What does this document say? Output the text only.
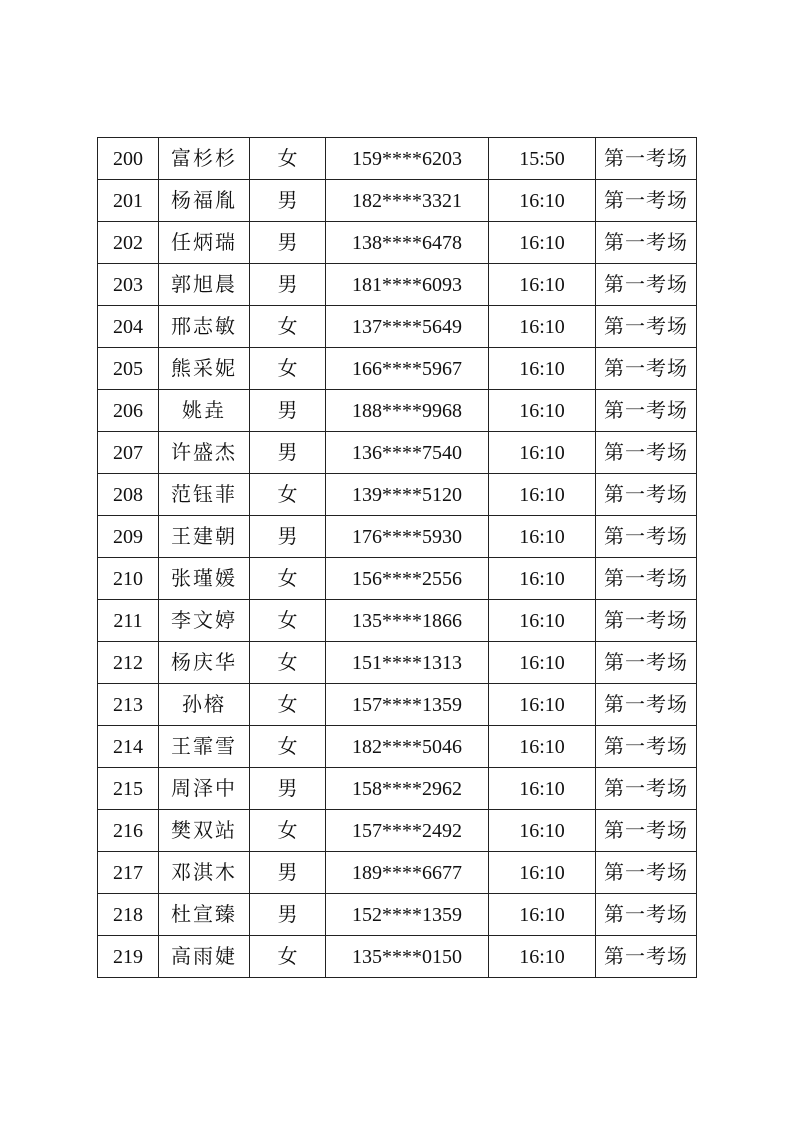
200	富杉杉	女	159****6203	15:50	第一考场
201	杨福胤	男	182****3321	16:10	第一考场
202	任炳瑞	男	138****6478	16:10	第一考场
203	郭旭晨	男	181****6093	16:10	第一考场
204	邢志敏	女	137****5649	16:10	第一考场
205	熊采妮	女	166****5967	16:10	第一考场
206	姚垚	男	188****9968	16:10	第一考场
207	许盛杰	男	136****7540	16:10	第一考场
208	范钰菲	女	139****5120	16:10	第一考场
209	王建朝	男	176****5930	16:10	第一考场
210	张瑾媛	女	156****2556	16:10	第一考场
211	李文婷	女	135****1866	16:10	第一考场
212	杨庆华	女	151****1313	16:10	第一考场
213	孙榕	女	157****1359	16:10	第一考场
214	王霏雪	女	182****5046	16:10	第一考场
215	周泽中	男	158****2962	16:10	第一考场
216	樊双站	女	157****2492	16:10	第一考场
217	邓淇木	男	189****6677	16:10	第一考场
218	杜宣臻	男	152****1359	16:10	第一考场
219	高雨婕	女	135****0150	16:10	第一考场
